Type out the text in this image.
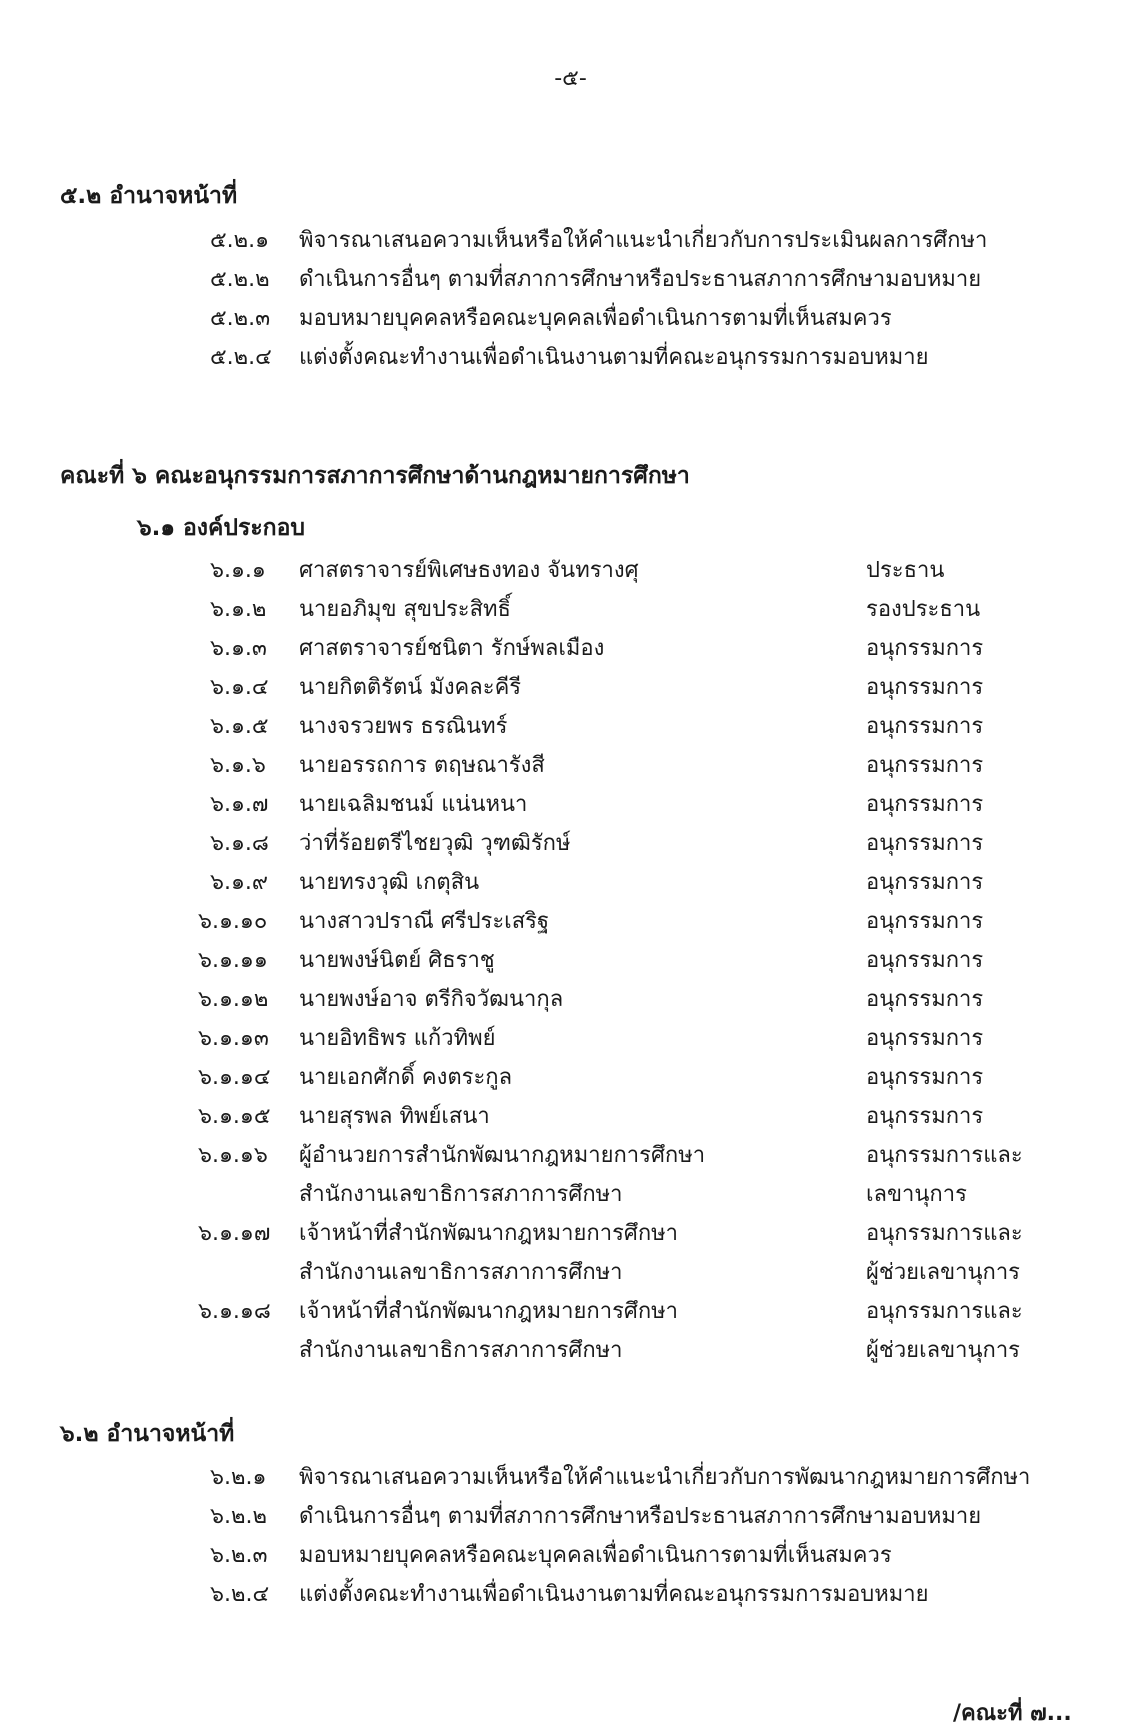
-๕-
๕.๒ อำนาจหน้าที่
๕.๒.๑ พิจารณาเสนอความเห็นหรือให้คำแนะนำเกี่ยวกับการประเมินผลการศึกษา
๕.๒.๒ ดำเนินการอื่นๆ ตามที่สภาการศึกษาหรือประธานสภาการศึกษามอบหมาย
๕.๒.๓ มอบหมายบุคคลหรือคณะบุคคลเพื่อดำเนินการตามที่เห็นสมควร
๕.๒.๔ แต่งตั้งคณะทำงานเพื่อดำเนินงานตามที่คณะอนุกรรมการมอบหมาย
คณะที่ ๖ คณะอนุกรรมการสภาการศึกษาด้านกฎหมายการศึกษา
๖.๑ องค์ประกอบ
๖.๑.๑ ศาสตราจารย์พิเศษธงทอง จันทรางศุ	ประธาน
๖.๑.๒ นายอภิมุข สุขประสิทธิ์	รองประธาน
๖.๑.๓ ศาสตราจารย์ชนิตา รักษ์พลเมือง	อนุกรรมการ
๖.๑.๔ นายกิตติรัตน์ มังคละคีรี	อนุกรรมการ
๖.๑.๕ นางจรวยพร ธรณินทร์	อนุกรรมการ
๖.๑.๖ นายอรรถการ ตฤษณารังสี	อนุกรรมการ
๖.๑.๗ นายเฉลิมชนม์ แน่นหนา	อนุกรรมการ
๖.๑.๘ ว่าที่ร้อยตรีไชยวุฒิ วุฑฒิรักษ์	อนุกรรมการ
๖.๑.๙ นายทรงวุฒิ เกตุสิน	อนุกรรมการ
๖.๑.๑๐ นางสาวปราณี ศรีประเสริฐ	อนุกรรมการ
๖.๑.๑๑ นายพงษ์นิตย์ ศิธราชู	อนุกรรมการ
๖.๑.๑๒ นายพงษ์อาจ ตรีกิจวัฒนากุล	อนุกรรมการ
๖.๑.๑๓ นายอิทธิพร แก้วทิพย์	อนุกรรมการ
๖.๑.๑๔ นายเอกศักดิ์ คงตระกูล	อนุกรรมการ
๖.๑.๑๕ นายสุรพล ทิพย์เสนา	อนุกรรมการ
๖.๑.๑๖ ผู้อำนวยการสำนักพัฒนากฎหมายการศึกษา	อนุกรรมการและ
สำนักงานเลขาธิการสภาการศึกษา	เลขานุการ
๖.๑.๑๗ เจ้าหน้าที่สำนักพัฒนากฎหมายการศึกษา	อนุกรรมการและ
สำนักงานเลขาธิการสภาการศึกษา	ผู้ช่วยเลขานุการ
๖.๑.๑๘ เจ้าหน้าที่สำนักพัฒนากฎหมายการศึกษา	อนุกรรมการและ
สำนักงานเลขาธิการสภาการศึกษา	ผู้ช่วยเลขานุการ
๖.๒ อำนาจหน้าที่
๖.๒.๑ พิจารณาเสนอความเห็นหรือให้คำแนะนำเกี่ยวกับการพัฒนากฎหมายการศึกษา
๖.๒.๒ ดำเนินการอื่นๆ ตามที่สภาการศึกษาหรือประธานสภาการศึกษามอบหมาย
๖.๒.๓ มอบหมายบุคคลหรือคณะบุคคลเพื่อดำเนินการตามที่เห็นสมควร
๖.๒.๔ แต่งตั้งคณะทำงานเพื่อดำเนินงานตามที่คณะอนุกรรมการมอบหมาย
/คณะที่ ๗...
